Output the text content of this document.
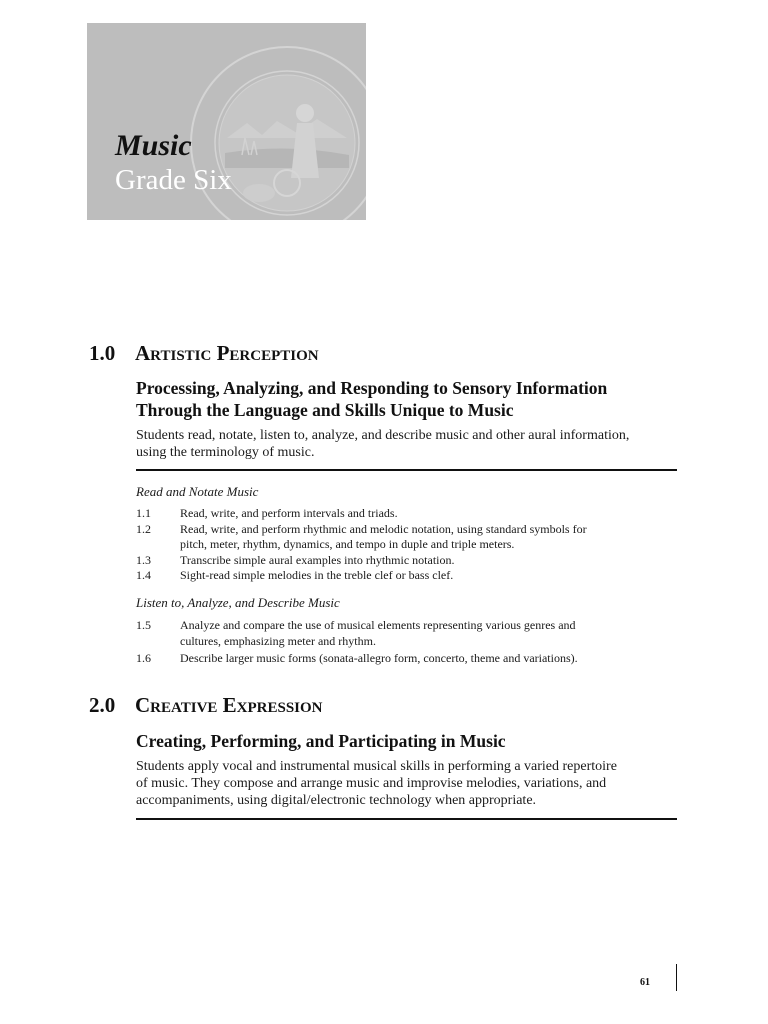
Music
Grade Six
1.0 Artistic Perception
Processing, Analyzing, and Responding to Sensory Information
Through the Language and Skills Unique to Music
Students read, notate, listen to, analyze, and describe music and other aural information,
using the terminology of music.
Read and Notate Music
1.1 Read, write, and perform intervals and triads.
1.2 Read, write, and perform rhythmic and melodic notation, using standard symbols for
pitch, meter, rhythm, dynamics, and tempo in duple and triple meters.
1.3 Transcribe simple aural examples into rhythmic notation.
1.4 Sight-read simple melodies in the treble clef or bass clef.
Listen to, Analyze, and Describe Music
1.5 Analyze and compare the use of musical elements representing various genres and
cultures, emphasizing meter and rhythm.
1.6 Describe larger music forms (sonata-allegro form, concerto, theme and variations).
2.0 Creative Expression
Creating, Performing, and Participating in Music
Students apply vocal and instrumental musical skills in performing a varied repertoire
of music. They compose and arrange music and improvise melodies, variations, and
accompaniments, using digital/electronic technology when appropriate.
61
